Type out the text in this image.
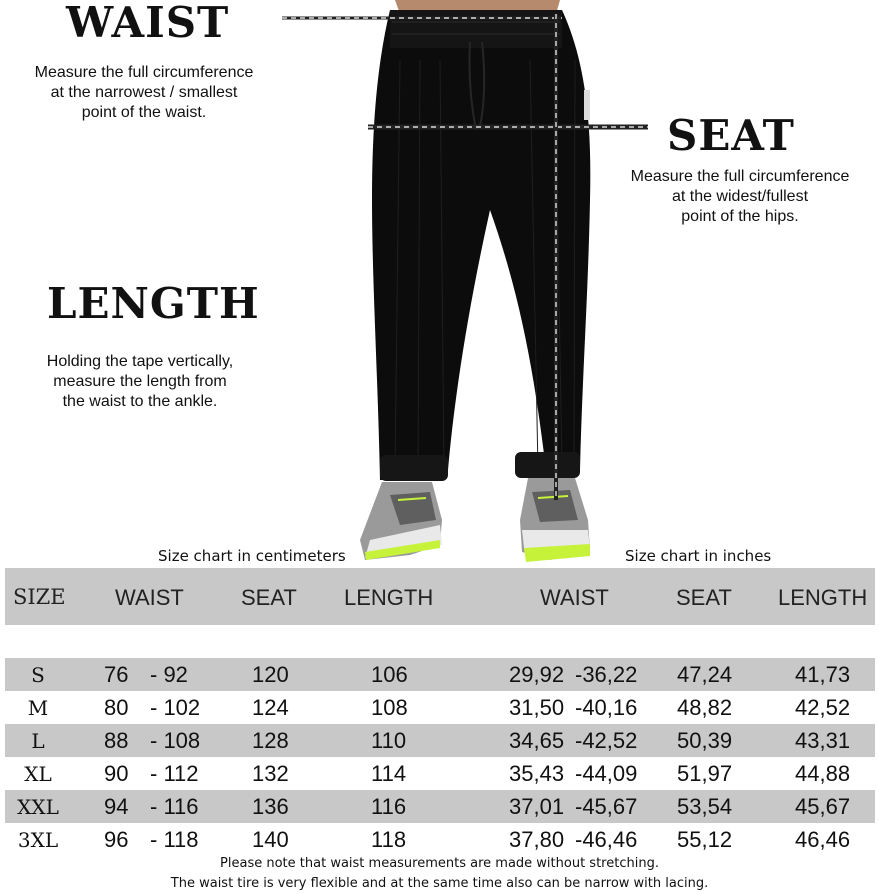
WAIST
Measure the full circumference
at the narrowest / smallest
point of the waist.	SEAT
Measure the full circumference
at the widest/fullest
point of the hips.
LENGTH
Holding the tape vertically,
measure the length from
the waist to the ankle.
Size chart in centimeters	Size chart in inches
SIZE WAIST	SEAT LENGTH	WAIST	SEAT LENGTH
S	76 - 92	120	106	29,92 -36,22	47,24	41,73
M	80 - 102	124	108	31,50 -40,16	48,82	42,52
L	88 - 108	128	110	34,65 -42,52	50,39	43,31
XL	90 - 112	132	114	35,43 -44,09	51,97	44,88
XXL	94 - 116	136	116	37,01 -45,67	53,54	45,67
3XL	96 - 118	140	118	37,80 -46,46	55,12	46,46
Please note that waist measurements are made without stretching.
The waist tire is very flexible and at the same time also can be narrow with lacing.
